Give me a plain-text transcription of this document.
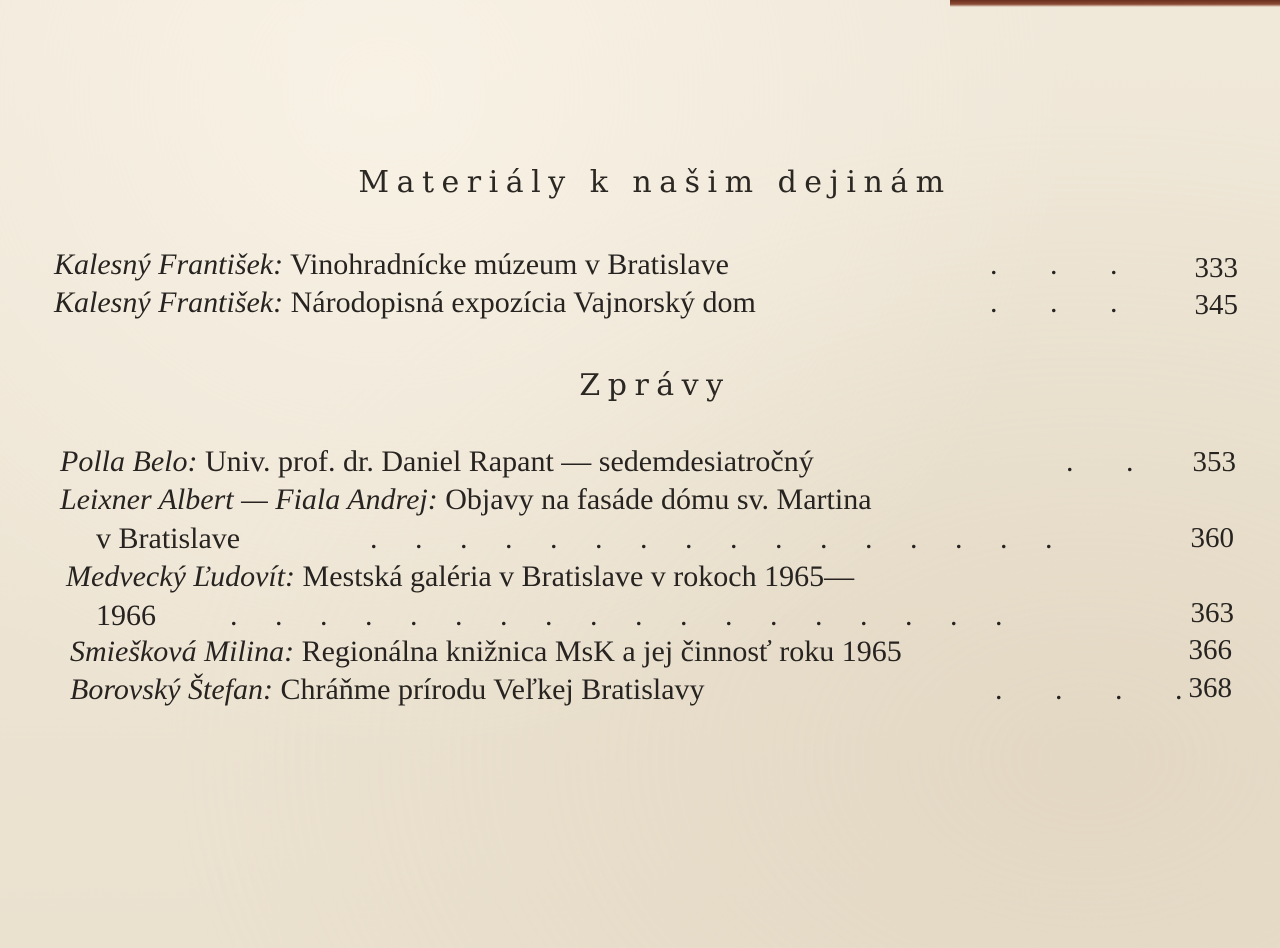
Materiály k našim dejinám
Kalesný František: Vinohradnícke múzeum v Bratislave	.       .       .	333
Kalesný František: Národopisná expozícia Vajnorský dom	.       .       .	345
Zprávy
Polla Belo: Univ. prof. dr. Daniel Rapant — sedemdesiatročný	.       .	353
Leixner Albert — Fiala Andrej: Objavy na fasáde dómu sv. Martina
v Bratislave	.     .     .     .     .     .     .     .     .     .     .     .     .     .     .     .	360
Medvecký Ľudovít: Mestská galéria v Bratislave v rokoch 1965—
1966 .     .     .     .     .     .     .     .     .     .     .     .     .     .     .     .     .     .	363
Smiešková Milina: Regionálna knižnica MsK a jej činnosť roku 1965	366
Borovský Štefan: Chráňme prírodu Veľkej Bratislavy	.       .       .       . 368
